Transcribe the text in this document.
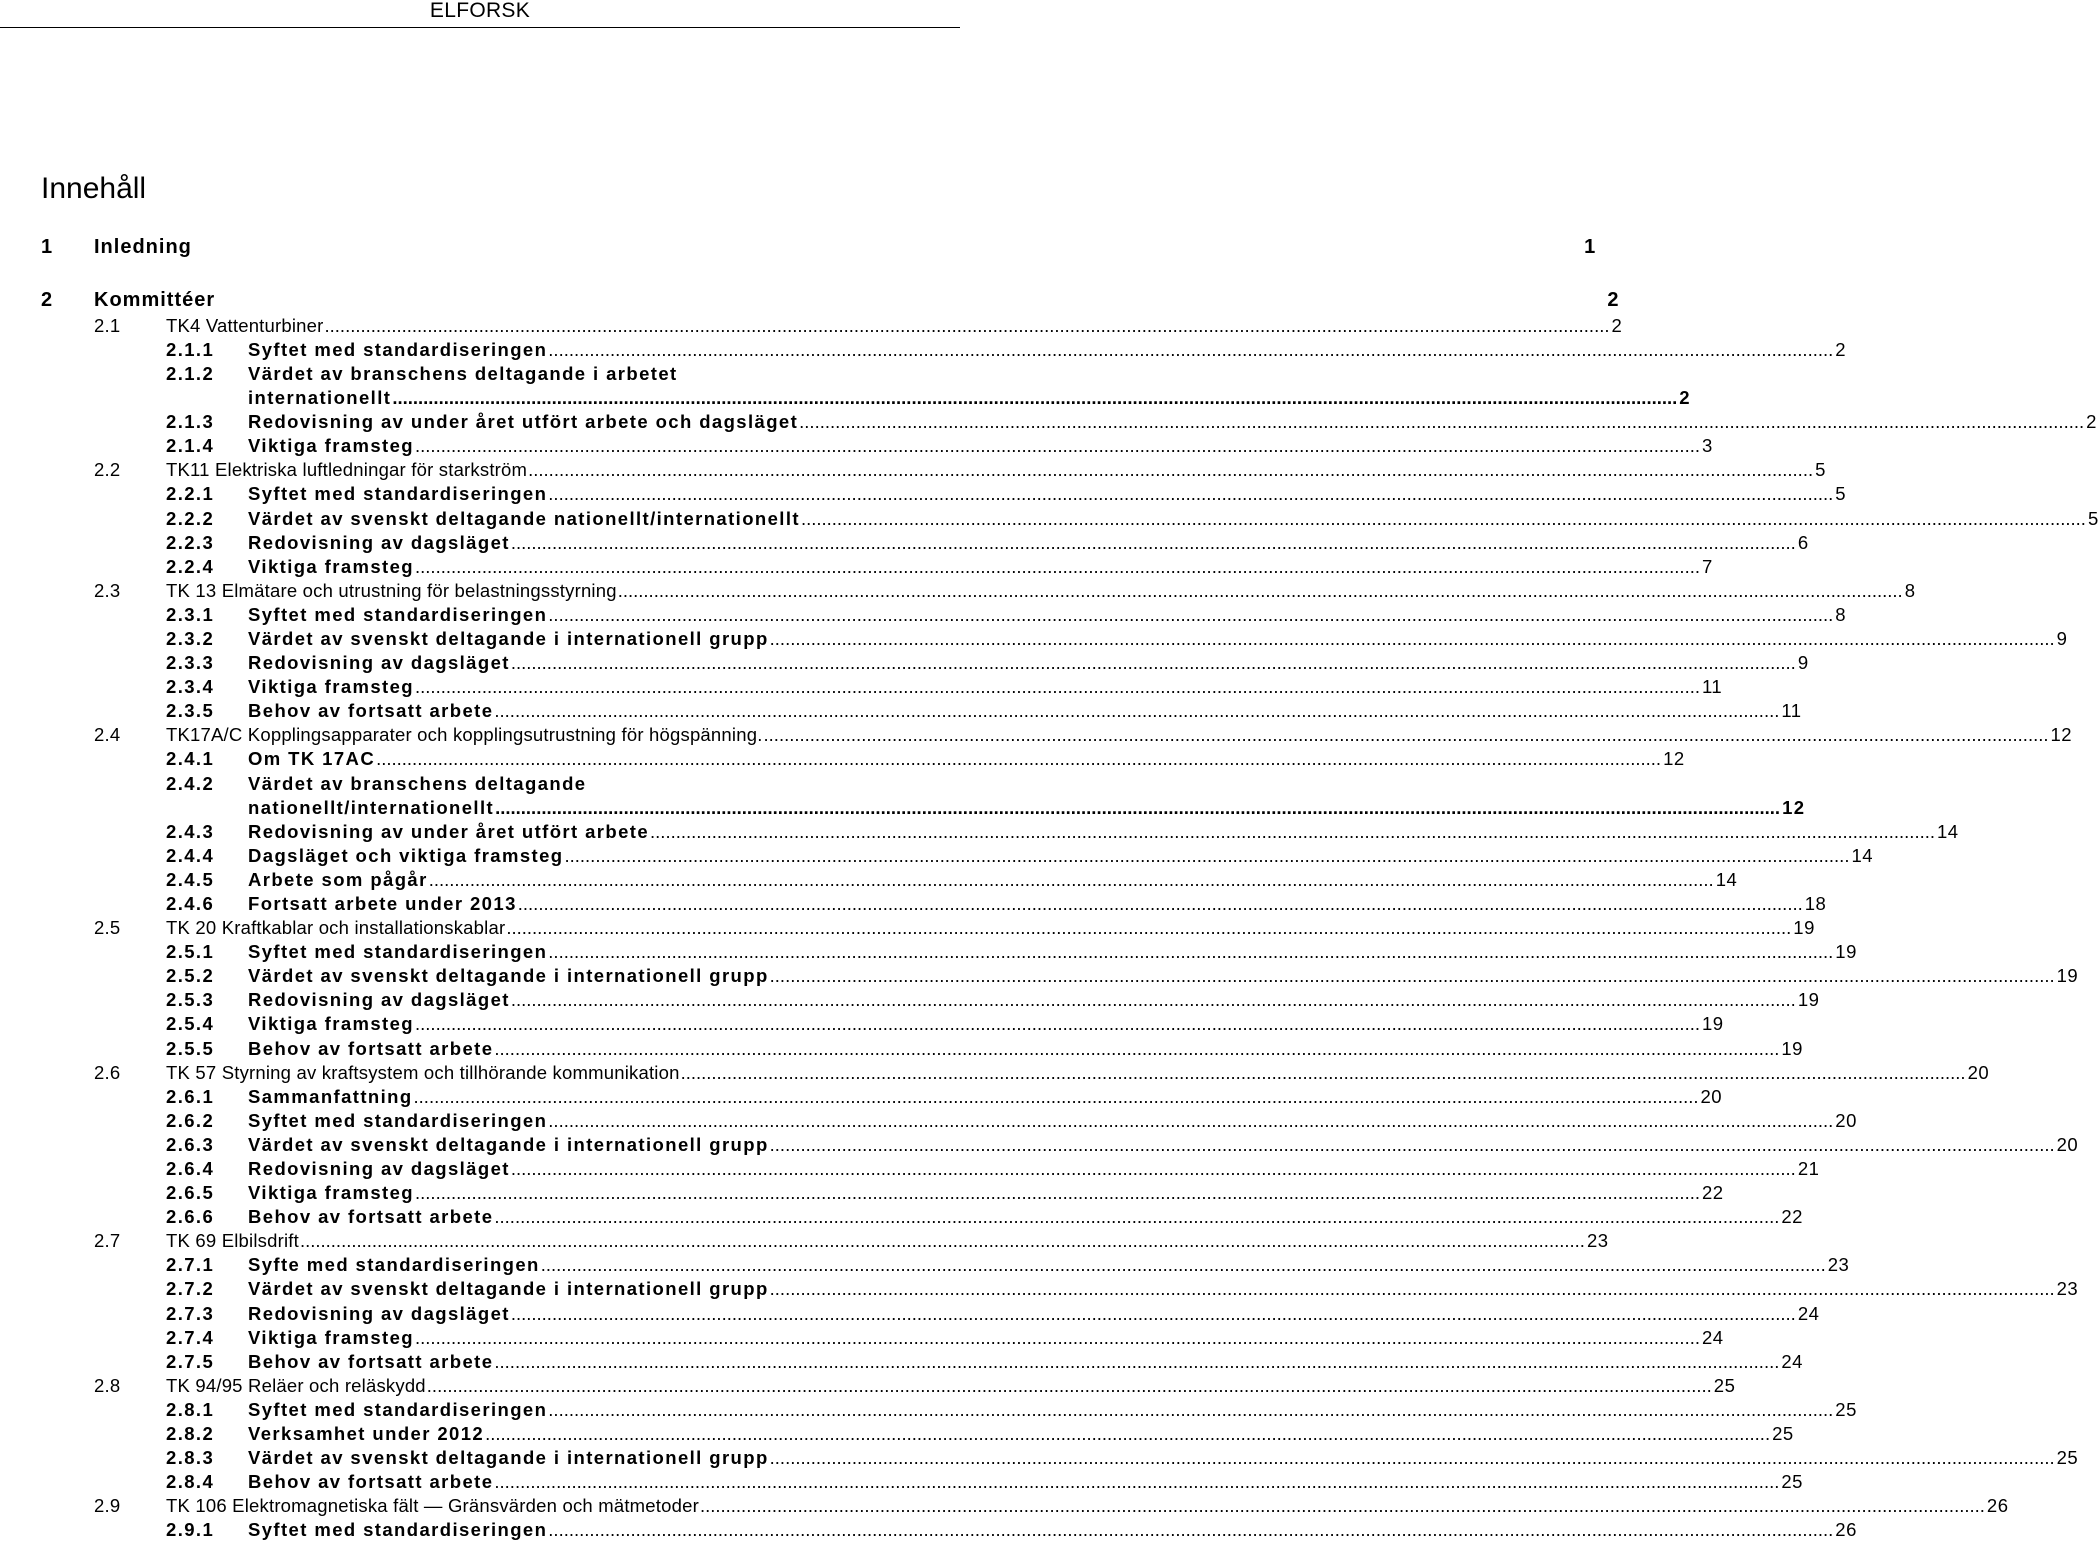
ELFORSK
Innehåll
1	Inledning	1
2	Kommittéer	2
2.1	TK4 Vattenturbiner .....	2
2.1.1	Syftet med standardiseringen .....	2
2.1.2	Värdet av branschens deltagande i arbetet
internationellt .....	2
2.1.3	Redovisning av under året utfört arbete och dagsläget .....	2
2.1.4	Viktiga framsteg .....	3
2.2	TK11 Elektriska luftledningar för starkström .....	5
2.2.1	Syftet med standardiseringen .....	5
2.2.2	Värdet av svenskt deltagande nationellt/internationellt .....	5
2.2.3	Redovisning av dagsläget .....	6
2.2.4	Viktiga framsteg .....	7
2.3	TK 13 Elmätare och utrustning för belastningsstyrning .....	8
2.3.1	Syftet med standardiseringen .....	8
2.3.2	Värdet av svenskt deltagande i internationell grupp .....	9
2.3.3	Redovisning av dagsläget .....	9
2.3.4	Viktiga framsteg .....	11
2.3.5	Behov av fortsatt arbete .....	11
2.4	TK17A/C Kopplingsapparater och kopplingsutrustning för högspänning. .....	12
2.4.1	Om TK 17AC .....	12
2.4.2	Värdet av branschens deltagande
nationellt/internationellt .....	12
2.4.3	Redovisning av under året utfört arbete .....	14
2.4.4	Dagsläget och viktiga framsteg .....	14
2.4.5	Arbete som pågår .....	14
2.4.6	Fortsatt arbete under 2013 .....	18
2.5	TK 20 Kraftkablar och installationskablar .....	19
2.5.1	Syftet med standardiseringen .....	19
2.5.2	Värdet av svenskt deltagande i internationell grupp .....	19
2.5.3	Redovisning av dagsläget .....	19
2.5.4	Viktiga framsteg .....	19
2.5.5	Behov av fortsatt arbete .....	19
2.6	TK 57 Styrning av kraftsystem och tillhörande kommunikation .....	20
2.6.1	Sammanfattning .....	20
2.6.2	Syftet med standardiseringen .....	20
2.6.3	Värdet av svenskt deltagande i internationell grupp .....	20
2.6.4	Redovisning av dagsläget .....	21
2.6.5	Viktiga framsteg .....	22
2.6.6	Behov av fortsatt arbete .....	22
2.7	TK 69 Elbilsdrift .....	23
2.7.1	Syfte med standardiseringen .....	23
2.7.2	Värdet av svenskt deltagande i internationell grupp .....	23
2.7.3	Redovisning av dagsläget .....	24
2.7.4	Viktiga framsteg .....	24
2.7.5	Behov av fortsatt arbete .....	24
2.8	TK 94/95 Reläer och reläskydd .....	25
2.8.1	Syftet med standardiseringen .....	25
2.8.2	Verksamhet under 2012 .....	25
2.8.3	Värdet av svenskt deltagande i internationell grupp .....	25
2.8.4	Behov av fortsatt arbete .....	25
2.9	TK 106 Elektromagnetiska fält — Gränsvärden och mätmetoder .....	26
2.9.1	Syftet med standardiseringen .....	26
